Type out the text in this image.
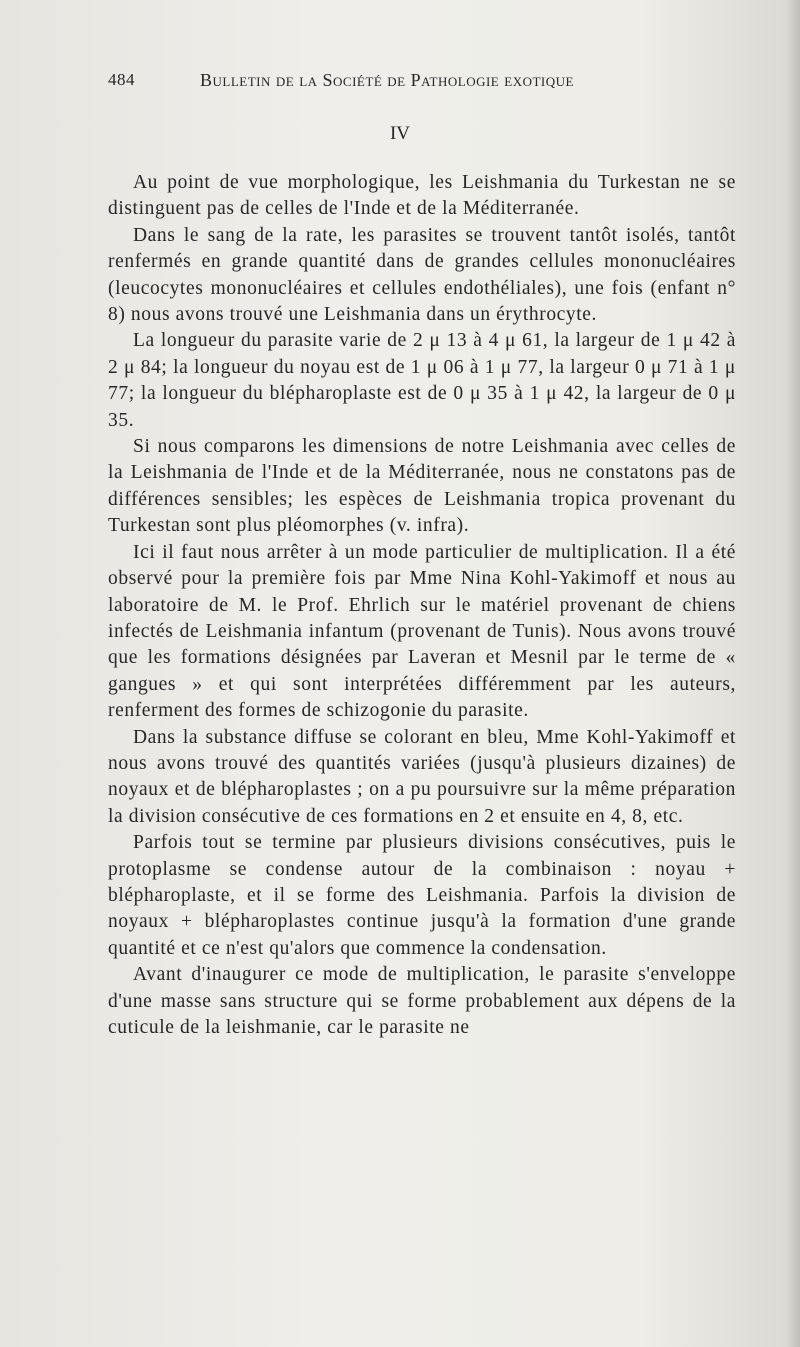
484	Bulletin de la Société de Pathologie exotique
IV

Au point de vue morphologique, les Leishmania du Turkestan ne se distinguent pas de celles de l'Inde et de la Méditerranée.

Dans le sang de la rate, les parasites se trouvent tantôt isolés, tantôt renfermés en grande quantité dans de grandes cellules mononucléaires (leucocytes mononucléaires et cellules endothéliales), une fois (enfant n° 8) nous avons trouvé une Leishmania dans un érythrocyte.

La longueur du parasite varie de 2 μ 13 à 4 μ 61, la largeur de 1 μ 42 à 2 μ 84; la longueur du noyau est de 1 μ 06 à 1 μ 77, la largeur 0 μ 71 à 1 μ 77; la longueur du blépharoplaste est de 0 μ 35 à 1 μ 42, la largeur de 0 μ 35.

Si nous comparons les dimensions de notre Leishmania avec celles de la Leishmania de l'Inde et de la Méditerranée, nous ne constatons pas de différences sensibles; les espèces de Leishmania tropica provenant du Turkestan sont plus pléomorphes (v. infra).

Ici il faut nous arrêter à un mode particulier de multiplication. Il a été observé pour la première fois par Mme Nina Kohl-Yakimoff et nous au laboratoire de M. le Prof. Ehrlich sur le matériel provenant de chiens infectés de Leishmania infantum (provenant de Tunis). Nous avons trouvé que les formations désignées par Laveran et Mesnil par le terme de « gangues » et qui sont interprétées différemment par les auteurs, renferment des formes de schizogonie du parasite.

Dans la substance diffuse se colorant en bleu, Mme Kohl-Yakimoff et nous avons trouvé des quantités variées (jusqu'à plusieurs dizaines) de noyaux et de blépharoplastes ; on a pu poursuivre sur la même préparation la division consécutive de ces formations en 2 et ensuite en 4, 8, etc.

Parfois tout se termine par plusieurs divisions consécutives, puis le protoplasme se condense autour de la combinaison : noyau + blépharoplaste, et il se forme des Leishmania. Parfois la division de noyaux + blépharoplastes continue jusqu'à la formation d'une grande quantité et ce n'est qu'alors que commence la condensation.

Avant d'inaugurer ce mode de multiplication, le parasite s'enveloppe d'une masse sans structure qui se forme probablement aux dépens de la cuticule de la leishmanie, car le parasite ne
